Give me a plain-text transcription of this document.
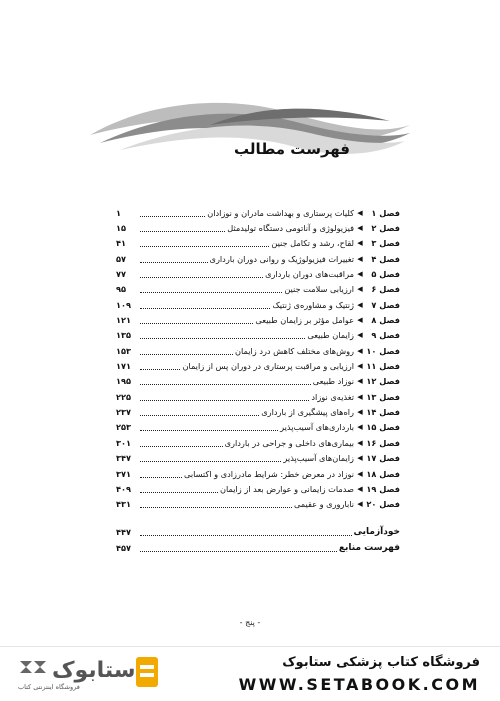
فهرست مطالب
فصل ۱
◀
کلیات پرستاری و بهداشت مادران و نوزادان
۱
فصل ۲
◀
فیزیولوژی و آناتومی دستگاه تولیدمثل
۱۵
فصل ۳
◀
لقاح، رشد و تکامل جنین
۴۱
فصل ۴
◀
تغییرات فیزیولوژیک و روانی دوران بارداری
۵۷
فصل ۵
◀
مراقبت‌های دوران بارداری
۷۷
فصل ۶
◀
ارزیابی سلامت جنین
۹۵
فصل ۷
◀
ژنتیک و مشاوره‌ی ژنتیک
۱۰۹
فصل ۸
◀
عوامل مؤثر بر زایمان طبیعی
۱۲۱
فصل ۹
◀
زایمان طبیعی
۱۳۵
فصل ۱۰
◀
روش‌های مختلف کاهش درد زایمان
۱۵۳
فصل ۱۱
◀
ارزیابی و مراقبت پرستاری در دوران پس از زایمان
۱۷۱
فصل ۱۲
◀
نوزاد طبیعی
۱۹۵
فصل ۱۳
◀
تغذیه‌ی نوزاد
۲۲۵
فصل ۱۴
◀
راه‌های پیشگیری از بارداری
۲۳۷
فصل ۱۵
◀
بارداری‌های آسیب‌پذیر
۲۵۳
فصل ۱۶
◀
بیماری‌های داخلی و جراحی در بارداری
۳۰۱
فصل ۱۷
◀
زایمان‌های آسیب‌پذیر
۳۴۷
فصل ۱۸
◀
نوزاد در معرض خطر: شرایط مادرزادی و اکتسابی
۳۷۱
فصل ۱۹
◀
صدمات زایمانی و عوارض بعد از زایمان
۴۰۹
فصل ۲۰
◀
ناباروری و عقیمی
۴۳۱
خودآزمایی
۴۴۷
فهرست منابع
۴۵۷
- پنج -
ستابوک
فروشگاه اینترنتی کتاب
فروشگاه کتاب پزشکی ستابوک
WWW.SETABOOK.COM
